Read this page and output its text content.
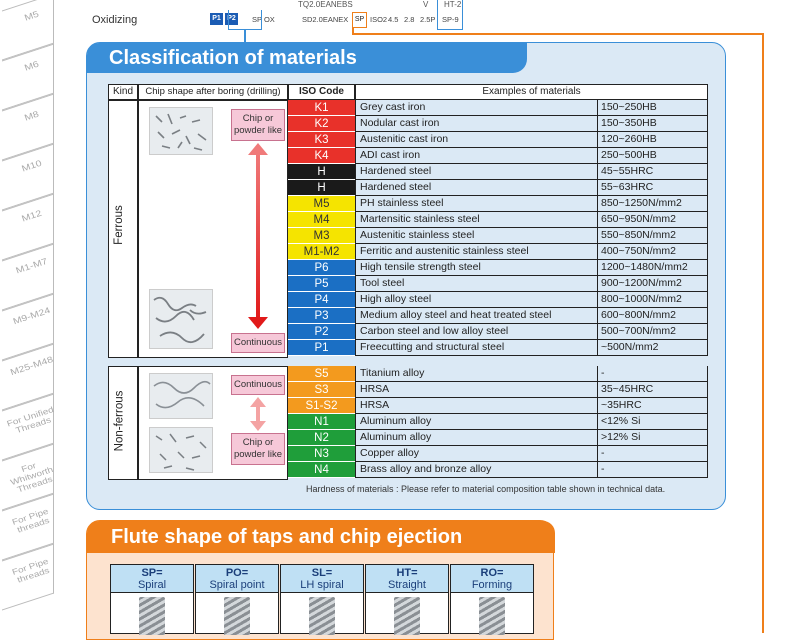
M5
M6
M8
M10
M12
M1-M7
M9-M24
M25-M48
For Unified Threads
For Whitworth Threads
For Pipe threads
For Pipe threads
TQ2.0EANEBS	V HT-2
Oxidizing	P1 P2 SP OX	SD2.0EANEX SP ISO2 4.5 2.8 2.5P SP-9
Classification of materials
Kind	Chip shape after boring (drilling)	ISO Code	Examples of materials
Ferrous
Chip or powder like
Continuous
K1	Grey cast iron	150~250HB
K2	Nodular cast iron	150~350HB
K3	Austenitic cast iron	120~260HB
K4	ADI cast iron	250~500HB
H	Hardened steel	45~55HRC
H	Hardened steel	55~63HRC
M5	PH stainless steel	850~1250N/mm2
M4	Martensitic stainless steel	650~950N/mm2
M3	Austenitic stainless steel	550~850N/mm2
M1-M2	Ferritic and austenitic stainless steel	400~750N/mm2
P6	High tensile strength steel	1200~1480N/mm2
P5	Tool steel	900~1200N/mm2
P4	High alloy steel	800~1000N/mm2
P3	Medium alloy steel and heat treated steel	600~800N/mm2
P2	Carbon steel and low alloy steel	500~700N/mm2
P1	Freecutting and structural steel	~500N/mm2
Non-ferrous
Continuous
Chip or powder like
S5	Titanium alloy	-
S3	HRSA	35~45HRC
S1-S2	HRSA	~35HRC
N1	Aluminum alloy	<12% Si
N2	Aluminum alloy	>12% Si
N3	Copper alloy	-
N4	Brass alloy and bronze alloy	-
Hardness of materials : Please refer to material composition table shown in technical data.
Flute shape of taps and chip ejection
SP=
Spiral
PO=
Spiral point
SL=
LH spiral
HT=
Straight
RO=
Forming
